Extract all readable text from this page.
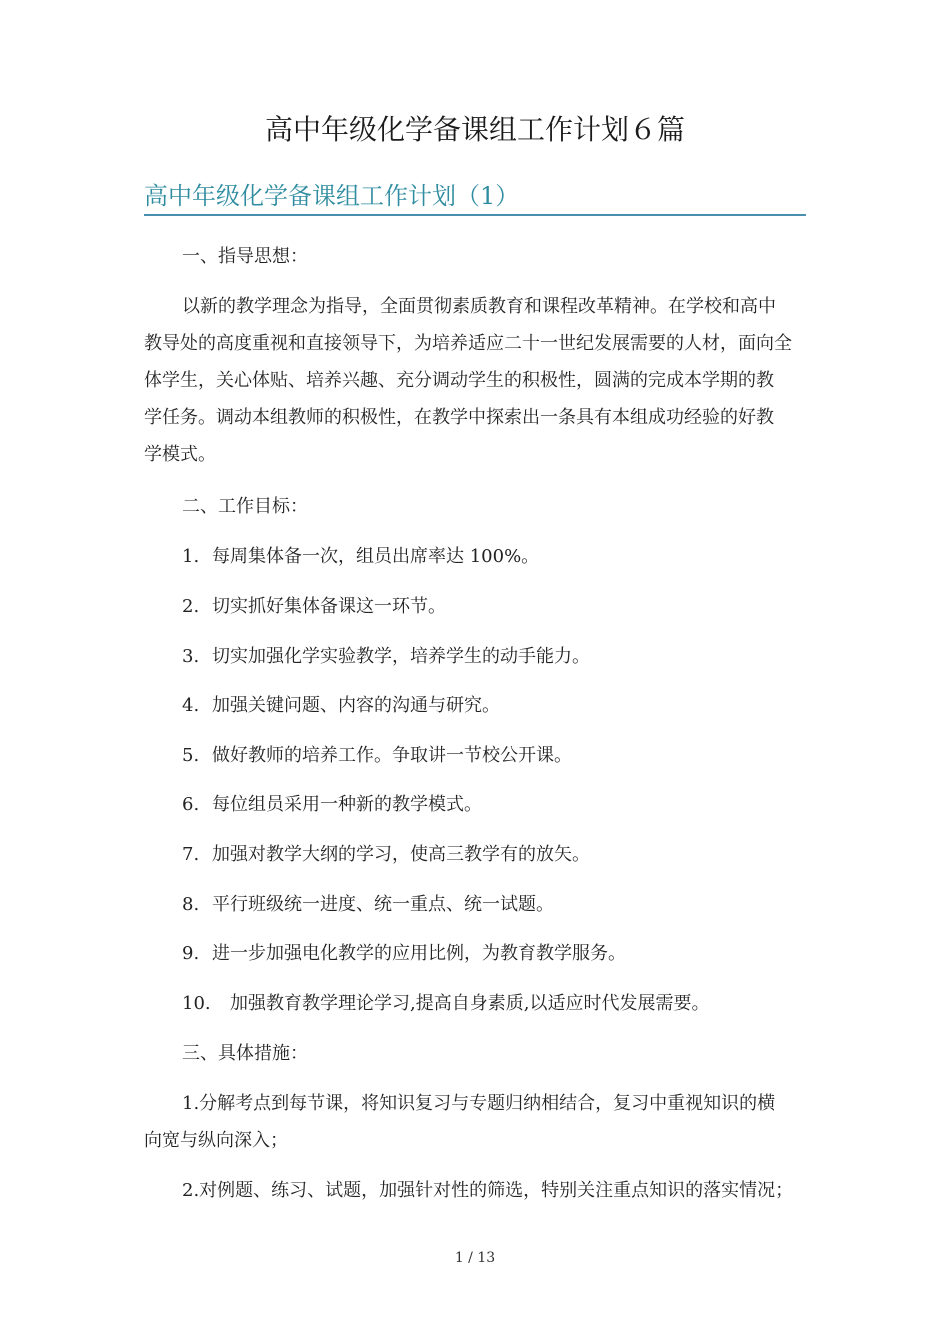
高中年级化学备课组工作计划６篇
高中年级化学备课组工作计划（1）
一、指导思想：
以新的教学理念为指导，全面贯彻素质教育和课程改革精神。在学校和高中
教导处的高度重视和直接领导下，为培养适应二十一世纪发展需要的人材，面向全
体学生，关心体贴、培养兴趣、充分调动学生的积极性，圆满的完成本学期的教
学任务。调动本组教师的积极性，在教学中探索出一条具有本组成功经验的好教
学模式。
二、工作目标：
1. 每周集体备一次，组员出席率达 100%。
2. 切实抓好集体备课这一环节。
3. 切实加强化学实验教学，培养学生的动手能力。
4. 加强关键问题、内容的沟通与研究。
5. 做好教师的培养工作。争取讲一节校公开课。
6. 每位组员采用一种新的教学模式。
7. 加强对教学大纲的学习，使高三教学有的放矢。
8. 平行班级统一进度、统一重点、统一试题。
9. 进一步加强电化教学的应用比例，为教育教学服务。
10. 加强教育教学理论学习,提高自身素质,以适应时代发展需要。
三、具体措施：
1.分解考点到每节课，将知识复习与专题归纳相结合，复习中重视知识的横
向宽与纵向深入；
2.对例题、练习、试题，加强针对性的筛选，特别关注重点知识的落实情况；
1 / 13
